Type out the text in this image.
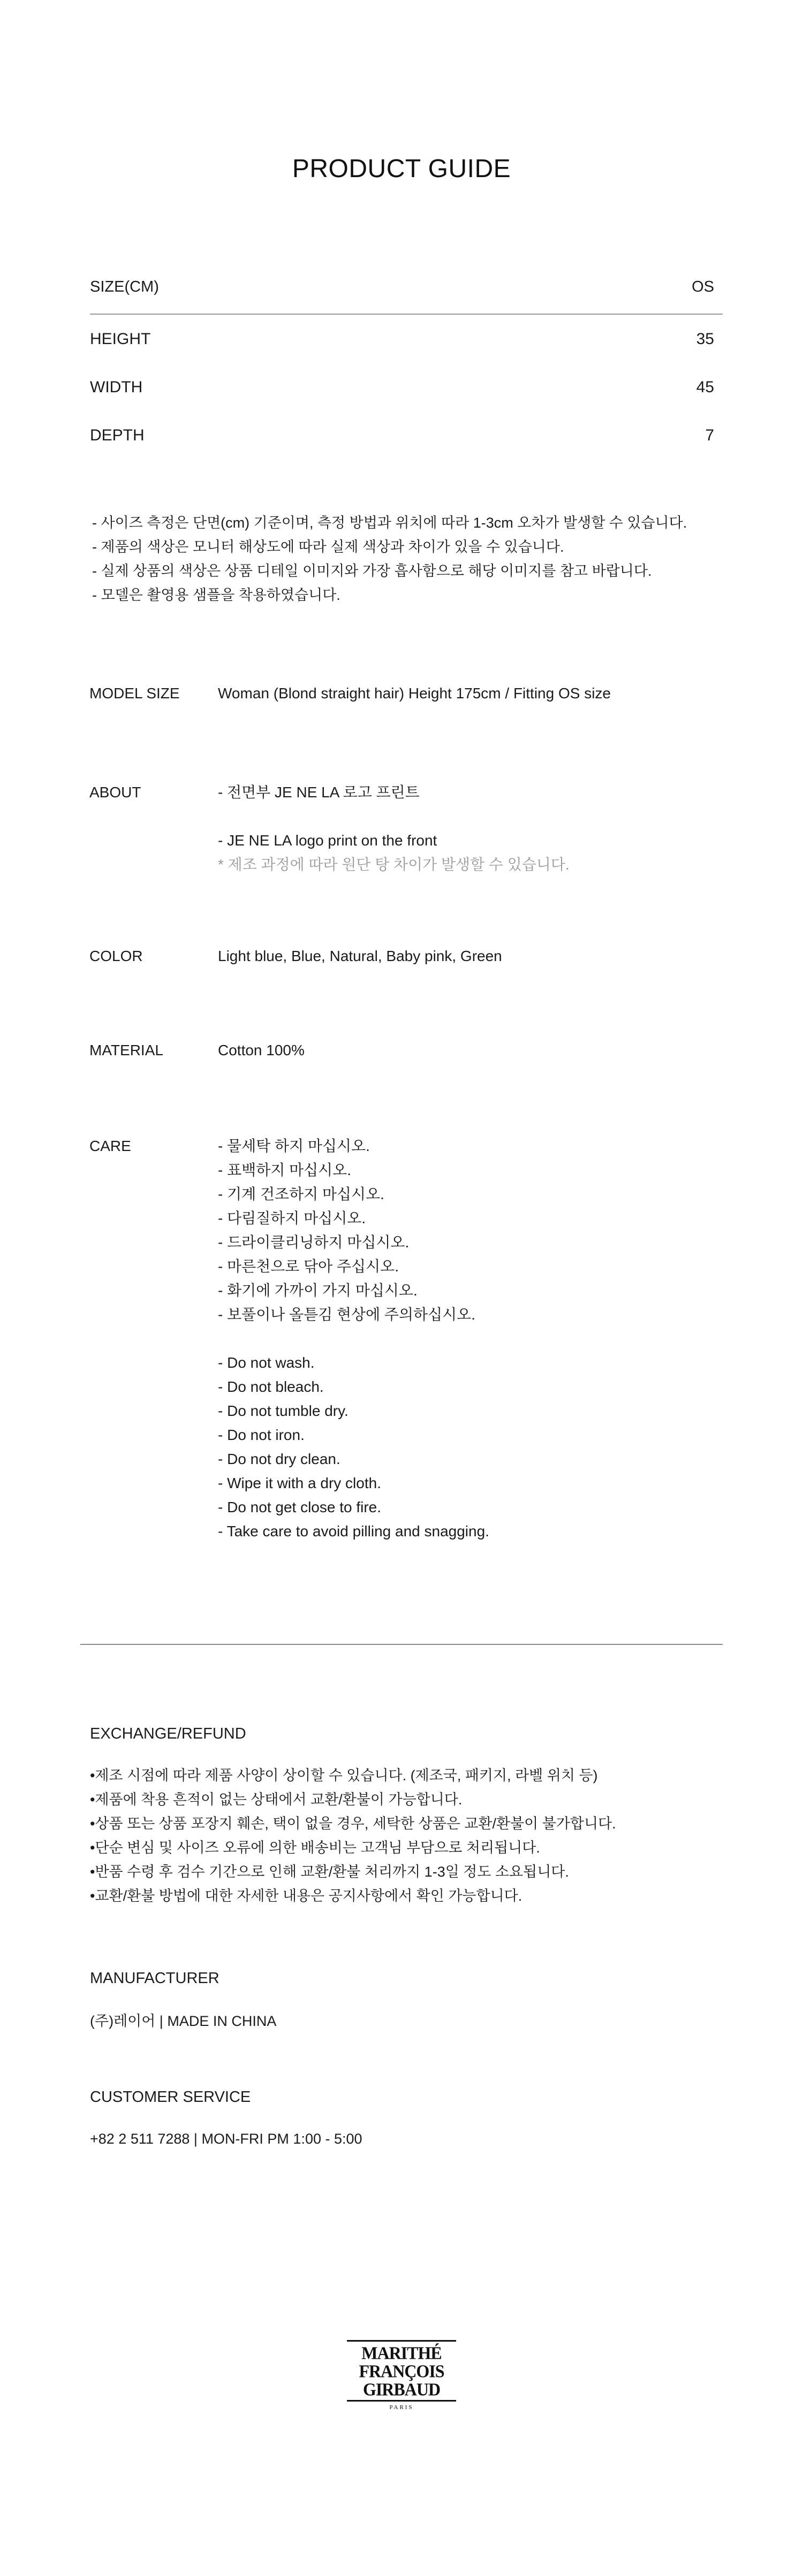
PRODUCT GUIDE
SIZE(CM)	OS
HEIGHT	35
WIDTH	45
DEPTH	7
- 사이즈 측정은 단면(cm) 기준이며, 측정 방법과 위치에 따라 1-3cm 오차가 발생할 수 있습니다.
- 제품의 색상은 모니터 해상도에 따라 실제 색상과 차이가 있을 수 있습니다.
- 실제 상품의 색상은 상품 디테일 이미지와 가장 흡사함으로 해당 이미지를 참고 바랍니다.
- 모델은 촬영용 샘플을 착용하였습니다.
MODEL SIZE	Woman (Blond straight hair) Height 175cm / Fitting OS size
ABOUT	- 전면부 JE NE LA 로고 프린트
- JE NE LA logo print on the front
* 제조 과정에 따라 원단 탕 차이가 발생할 수 있습니다.
COLOR	Light blue, Blue, Natural, Baby pink, Green
MATERIAL	Cotton 100%
CARE	- 물세탁 하지 마십시오.
- 표백하지 마십시오.
- 기계 건조하지 마십시오.
- 다림질하지 마십시오.
- 드라이클리닝하지 마십시오.
- 마른천으로 닦아 주십시오.
- 화기에 가까이 가지 마십시오.
- 보풀이나 올튿김 현상에 주의하십시오.
- Do not wash.
- Do not bleach.
- Do not tumble dry.
- Do not iron.
- Do not dry clean.
- Wipe it with a dry cloth.
- Do not get close to fire.
- Take care to avoid pilling and snagging.
EXCHANGE/REFUND
•제조 시점에 따라 제품 사양이 상이할 수 있습니다. (제조국, 패키지, 라벨 위치 등)
•제품에 착용 흔적이 없는 상태에서 교환/환불이 가능합니다.
•상품 또는 상품 포장지 훼손, 택이 없을 경우, 세탁한 상품은 교환/환불이 불가합니다.
•단순 변심 및 사이즈 오류에 의한 배송비는 고객님 부담으로 처리됩니다.
•반품 수령 후 검수 기간으로 인해 교환/환불 처리까지 1-3일 정도 소요됩니다.
•교환/환불 방법에 대한 자세한 내용은 공지사항에서 확인 가능합니다.
MANUFACTURER
(주)레이어 | MADE IN CHINA
CUSTOMER SERVICE
+82 2 511 7288 | MON-FRI PM 1:00 - 5:00
MARITHÉ
FRANÇOIS
GIRBAUD
PARIS
